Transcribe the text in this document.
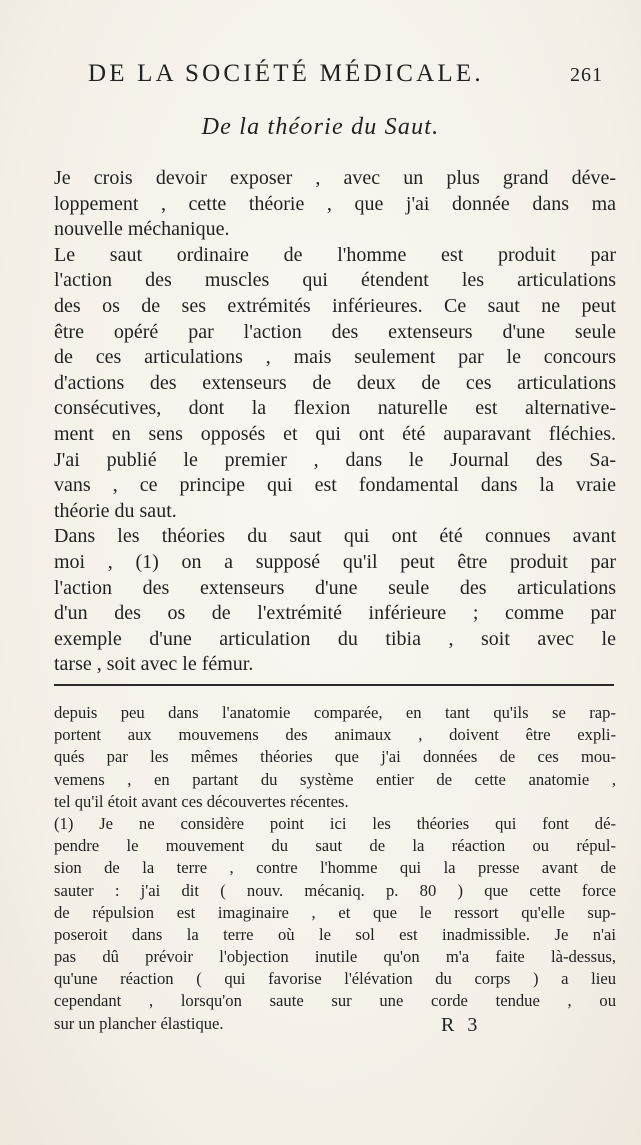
DE LA SOCIÉTÉ MÉDICALE.	261
De la théorie du Saut.
Je crois devoir exposer , avec un plus grand déve-
loppement , cette théorie , que j'ai donnée dans ma
nouvelle méchanique.
Le saut ordinaire de l'homme est produit par
l'action des muscles qui étendent les articulations
des os de ses extrémités inférieures. Ce saut ne peut
être opéré par l'action des extenseurs d'une seule
de ces articulations , mais seulement par le concours
d'actions des extenseurs de deux de ces articulations
consécutives, dont la flexion naturelle est alternative-
ment en sens opposés et qui ont été auparavant fléchies.
J'ai publié le premier , dans le Journal des Sa-
vans , ce principe qui est fondamental dans la vraie
théorie du saut.
Dans les théories du saut qui ont été connues avant
moi , (1) on a supposé qu'il peut être produit par
l'action des extenseurs d'une seule des articulations
d'un des os de l'extrémité inférieure ; comme par
exemple d'une articulation du tibia , soit avec le
tarse , soit avec le fémur.
depuis peu dans l'anatomie comparée, en tant qu'ils se rap-
portent aux mouvemens des animaux , doivent être expli-
qués par les mêmes théories que j'ai données de ces mou-
vemens , en partant du système entier de cette anatomie ,
tel qu'il étoit avant ces découvertes récentes.
(1) Je ne considère point ici les théories qui font dé-
pendre le mouvement du saut de la réaction ou répul-
sion de la terre , contre l'homme qui la presse avant de
sauter : j'ai dit ( nouv. mécaniq. p. 80 ) que cette force
de répulsion est imaginaire , et que le ressort qu'elle sup-
poseroit dans la terre où le sol est inadmissible. Je n'ai
pas dû prévoir l'objection inutile qu'on m'a faite là-dessus,
qu'une réaction ( qui favorise l'élévation du corps ) a lieu
cependant , lorsqu'on saute sur une corde tendue , ou
sur un plancher élastique.	R 3
